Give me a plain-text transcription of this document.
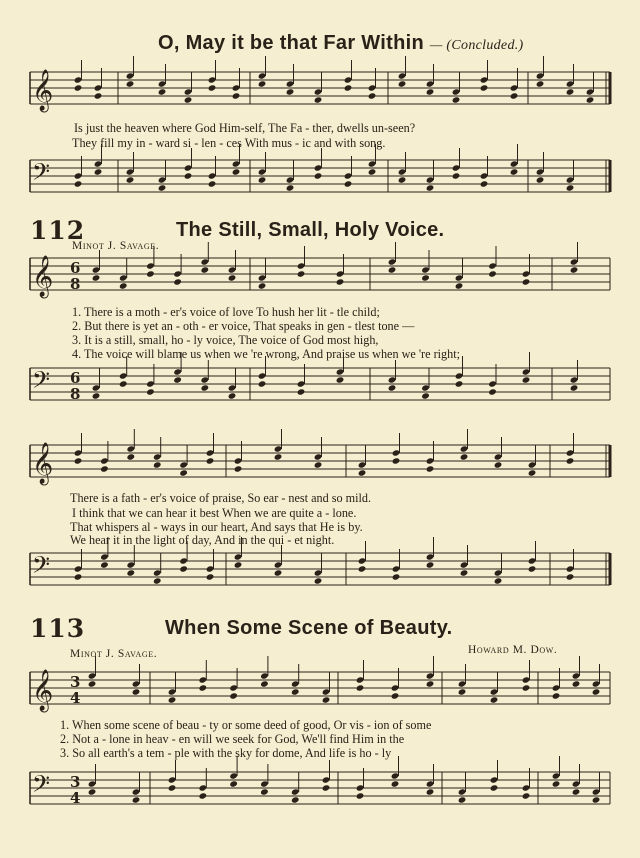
𝄞
𝄢
𝄞
𝄢
𝄞
𝄢
𝄞
𝄢
6
8
6
8
3
4
3
4
O, May it be that Far Within — (Concluded.)
Is just the heaven where God Him-self, The Fa - ther, dwells un-seen?
They fill my in - ward si - len - ces With mus - ic and with song.
112	The Still, Small, Holy Voice.
Minot J. Savage.
1. There is a moth - er's voice of love To hush her lit - tle child;
2. But there is yet an - oth - er voice, That speaks in gen - tlest tone —
3. It is a still, small, ho - ly voice, The voice of God most high,
4. The voice will blame us when we 're wrong, And praise us when we 're right;
There is a fath - er's voice of praise, So ear - nest and so mild.
I think that we can hear it best When we are quite a - lone.
That whispers al - ways in our heart, And says that He is by.
We hear it in the light of day, And in the qui - et night.
113	When Some Scene of Beauty.
Minot J. Savage.	Howard M. Dow.
1. When some scene of beau - ty or some deed of good, Or vis - ion of some
2. Not a - lone in heav - en will we seek for God, We'll find Him in the
3. So all earth's a tem - ple with the sky for dome, And life is ho - ly
